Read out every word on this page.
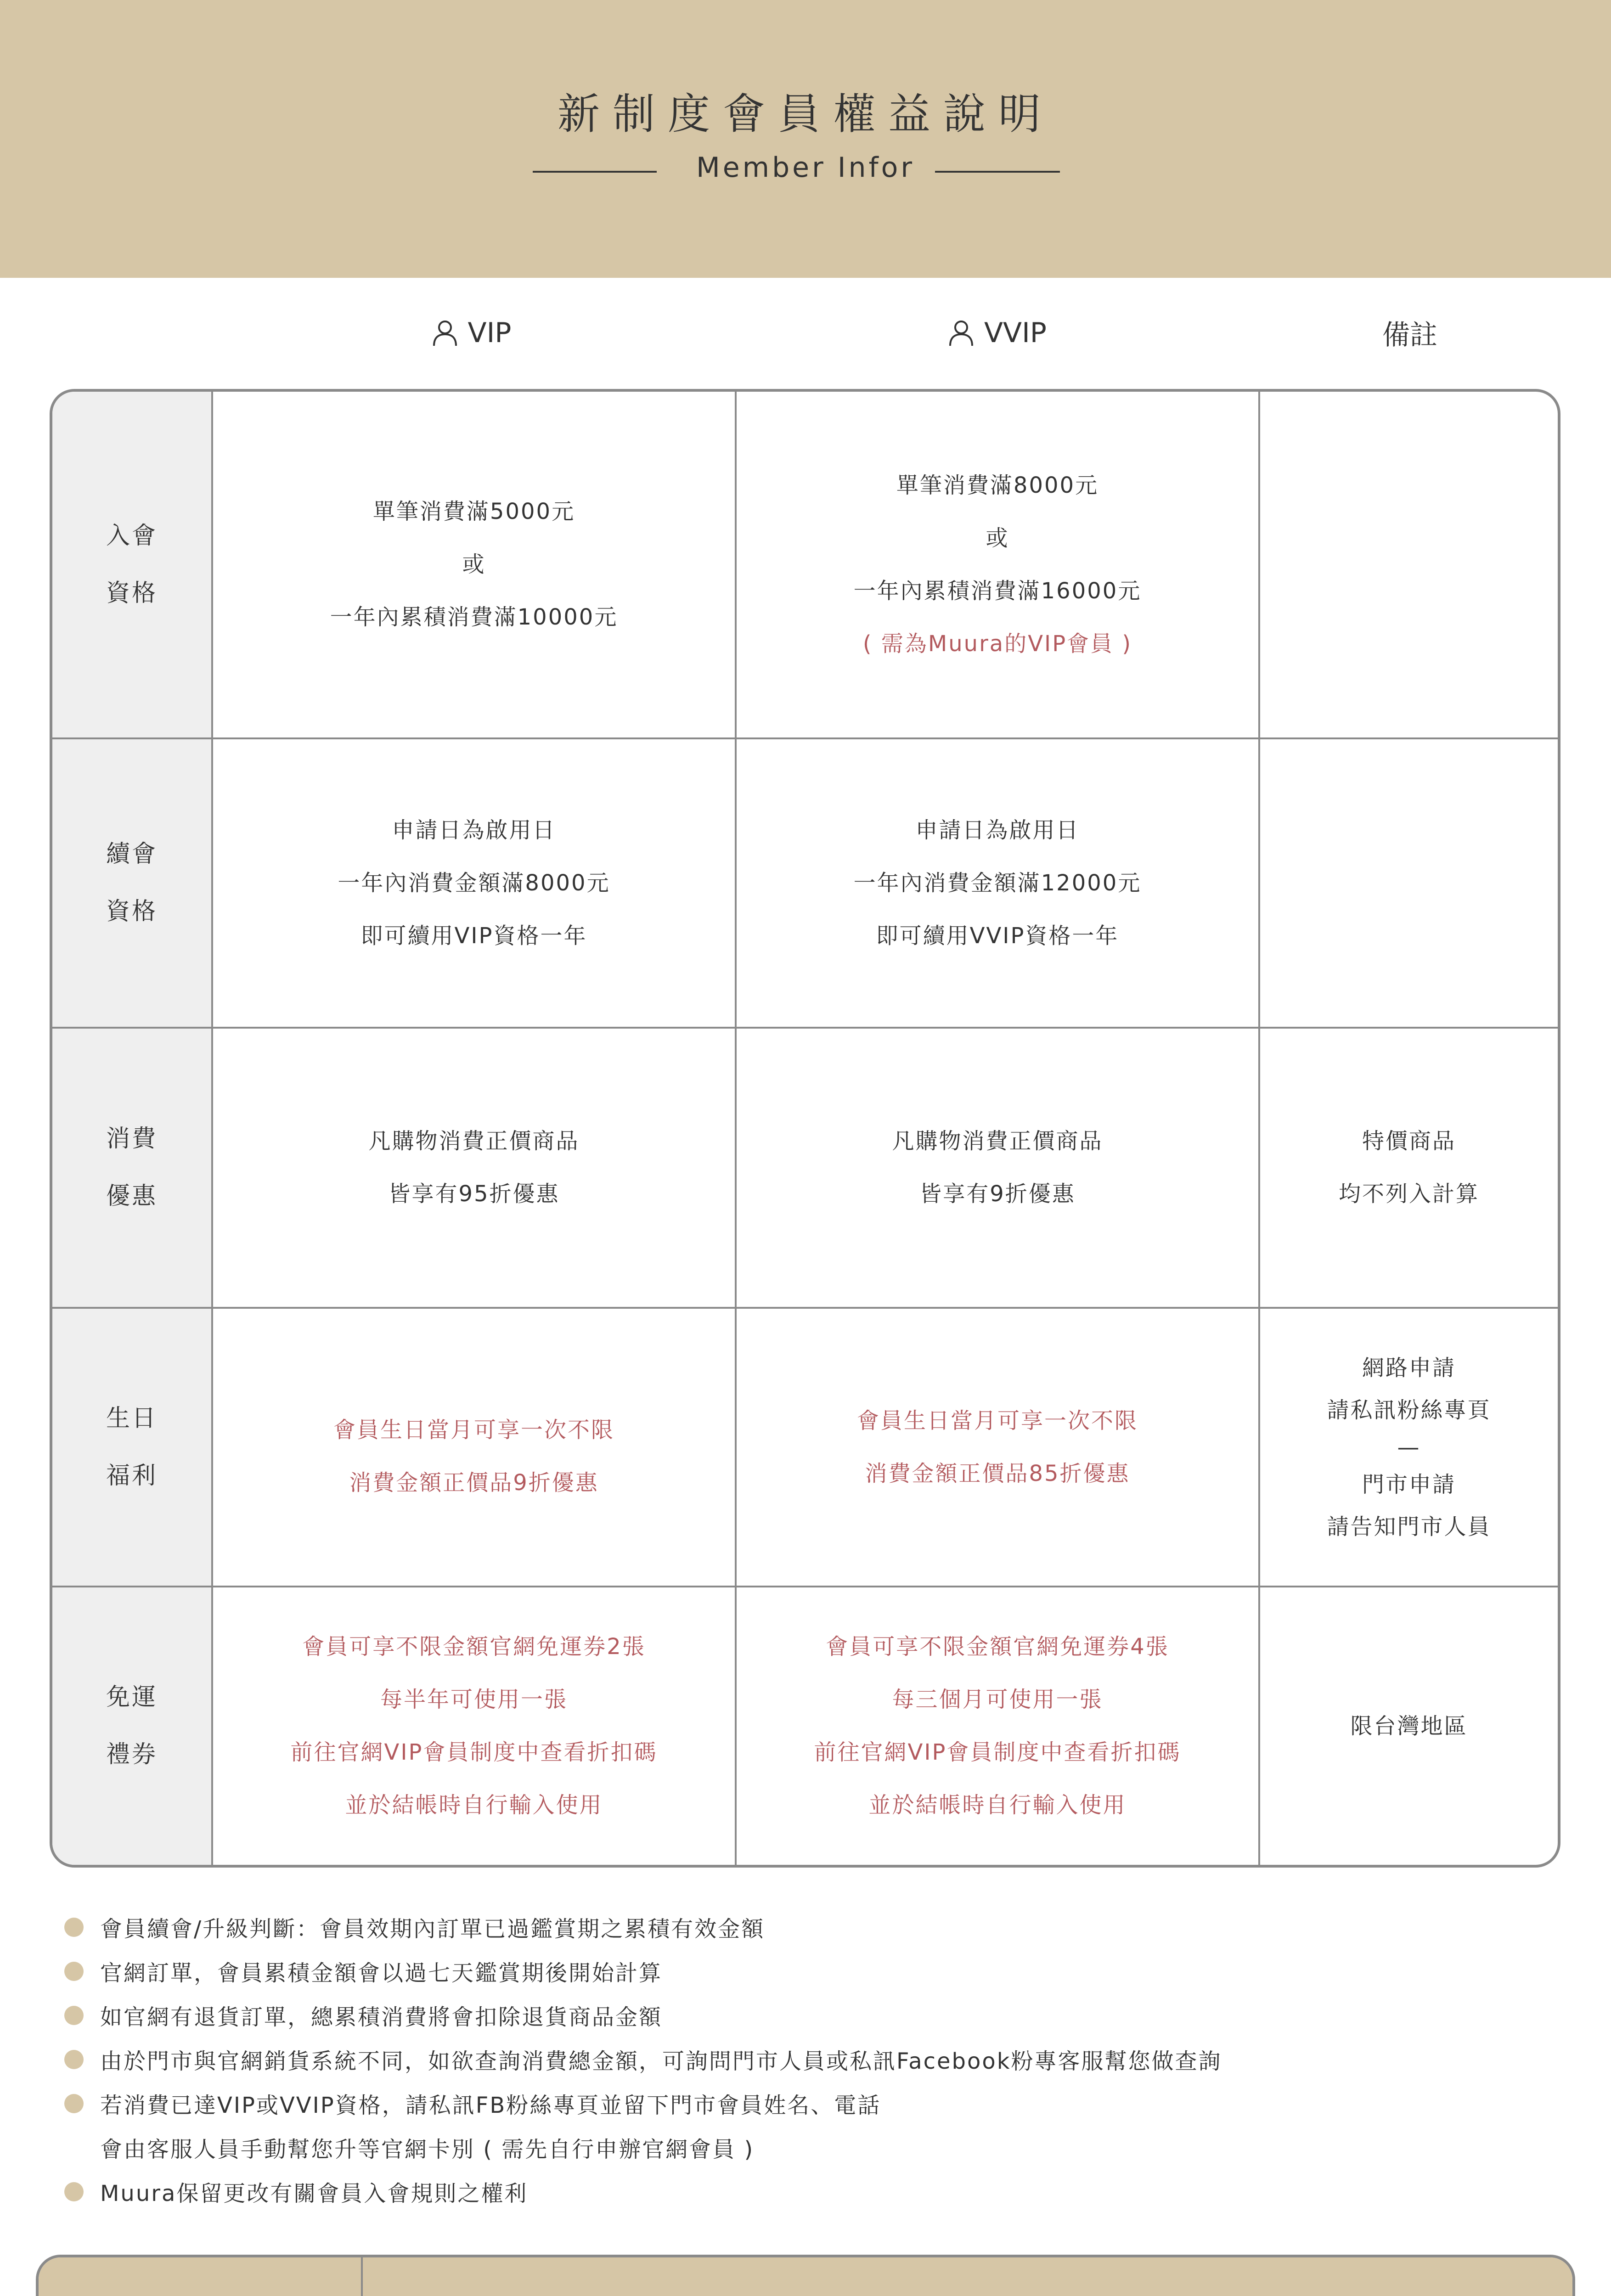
新制度會員權益說明
Member Infor
VIP	VVIP	備註
入會
資格
單筆消費滿5000元
或
一年內累積消費滿10000元
單筆消費滿8000元
或
一年內累積消費滿16000元
( 需為Muura的VIP會員 )
續會
資格
申請日為啟用日
一年內消費金額滿8000元
即可續用VIP資格一年
申請日為啟用日
一年內消費金額滿12000元
即可續用VVIP資格一年
消費
優惠
凡購物消費正價商品
皆享有95折優惠
凡購物消費正價商品
皆享有9折優惠
特價商品
均不列入計算
生日
福利
會員生日當月可享一次不限
消費金額正價品9折優惠
會員生日當月可享一次不限
消費金額正價品85折優惠
網路申請
請私訊粉絲專頁
—
門市申請
請告知門市人員
免運
禮券
會員可享不限金額官網免運券2張
每半年可使用一張
前往官網VIP會員制度中查看折扣碼
並於結帳時自行輸入使用
會員可享不限金額官網免運券4張
每三個月可使用一張
前往官網VIP會員制度中查看折扣碼
並於結帳時自行輸入使用
限台灣地區
會員續會/升級判斷：會員效期內訂單已過鑑賞期之累積有效金額
官網訂單，會員累積金額會以過七天鑑賞期後開始計算
如官網有退貨訂單，總累積消費將會扣除退貨商品金額
由於門市與官網銷貨系統不同，如欲查詢消費總金額，可詢問門市人員或私訊Facebook粉專客服幫您做查詢
若消費已達VIP或VVIP資格，請私訊FB粉絲專頁並留下門市會員姓名、電話
會由客服人員手動幫您升等官網卡別 ( 需先自行申辦官網會員 )
Muura保留更改有關會員入會規則之權利
